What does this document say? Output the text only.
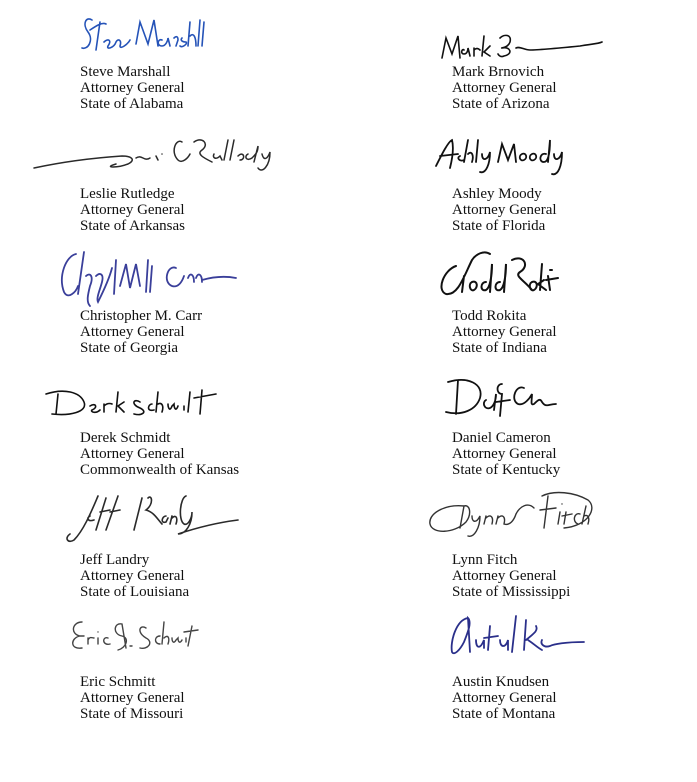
Steve Marshall
Attorney General
State of Alabama
Mark Brnovich
Attorney General
State of Arizona
Leslie Rutledge
Attorney General
State of Arkansas
Ashley Moody
Attorney General
State of Florida
Christopher M. Carr
Attorney General
State of Georgia
Todd Rokita
Attorney General
State of Indiana
Derek Schmidt
Attorney General
Commonwealth of Kansas
Daniel Cameron
Attorney General
State of Kentucky
Jeff Landry
Attorney General
State of Louisiana
Lynn Fitch
Attorney General
State of Mississippi
Eric Schmitt
Attorney General
State of Missouri
Austin Knudsen
Attorney General
State of Montana
